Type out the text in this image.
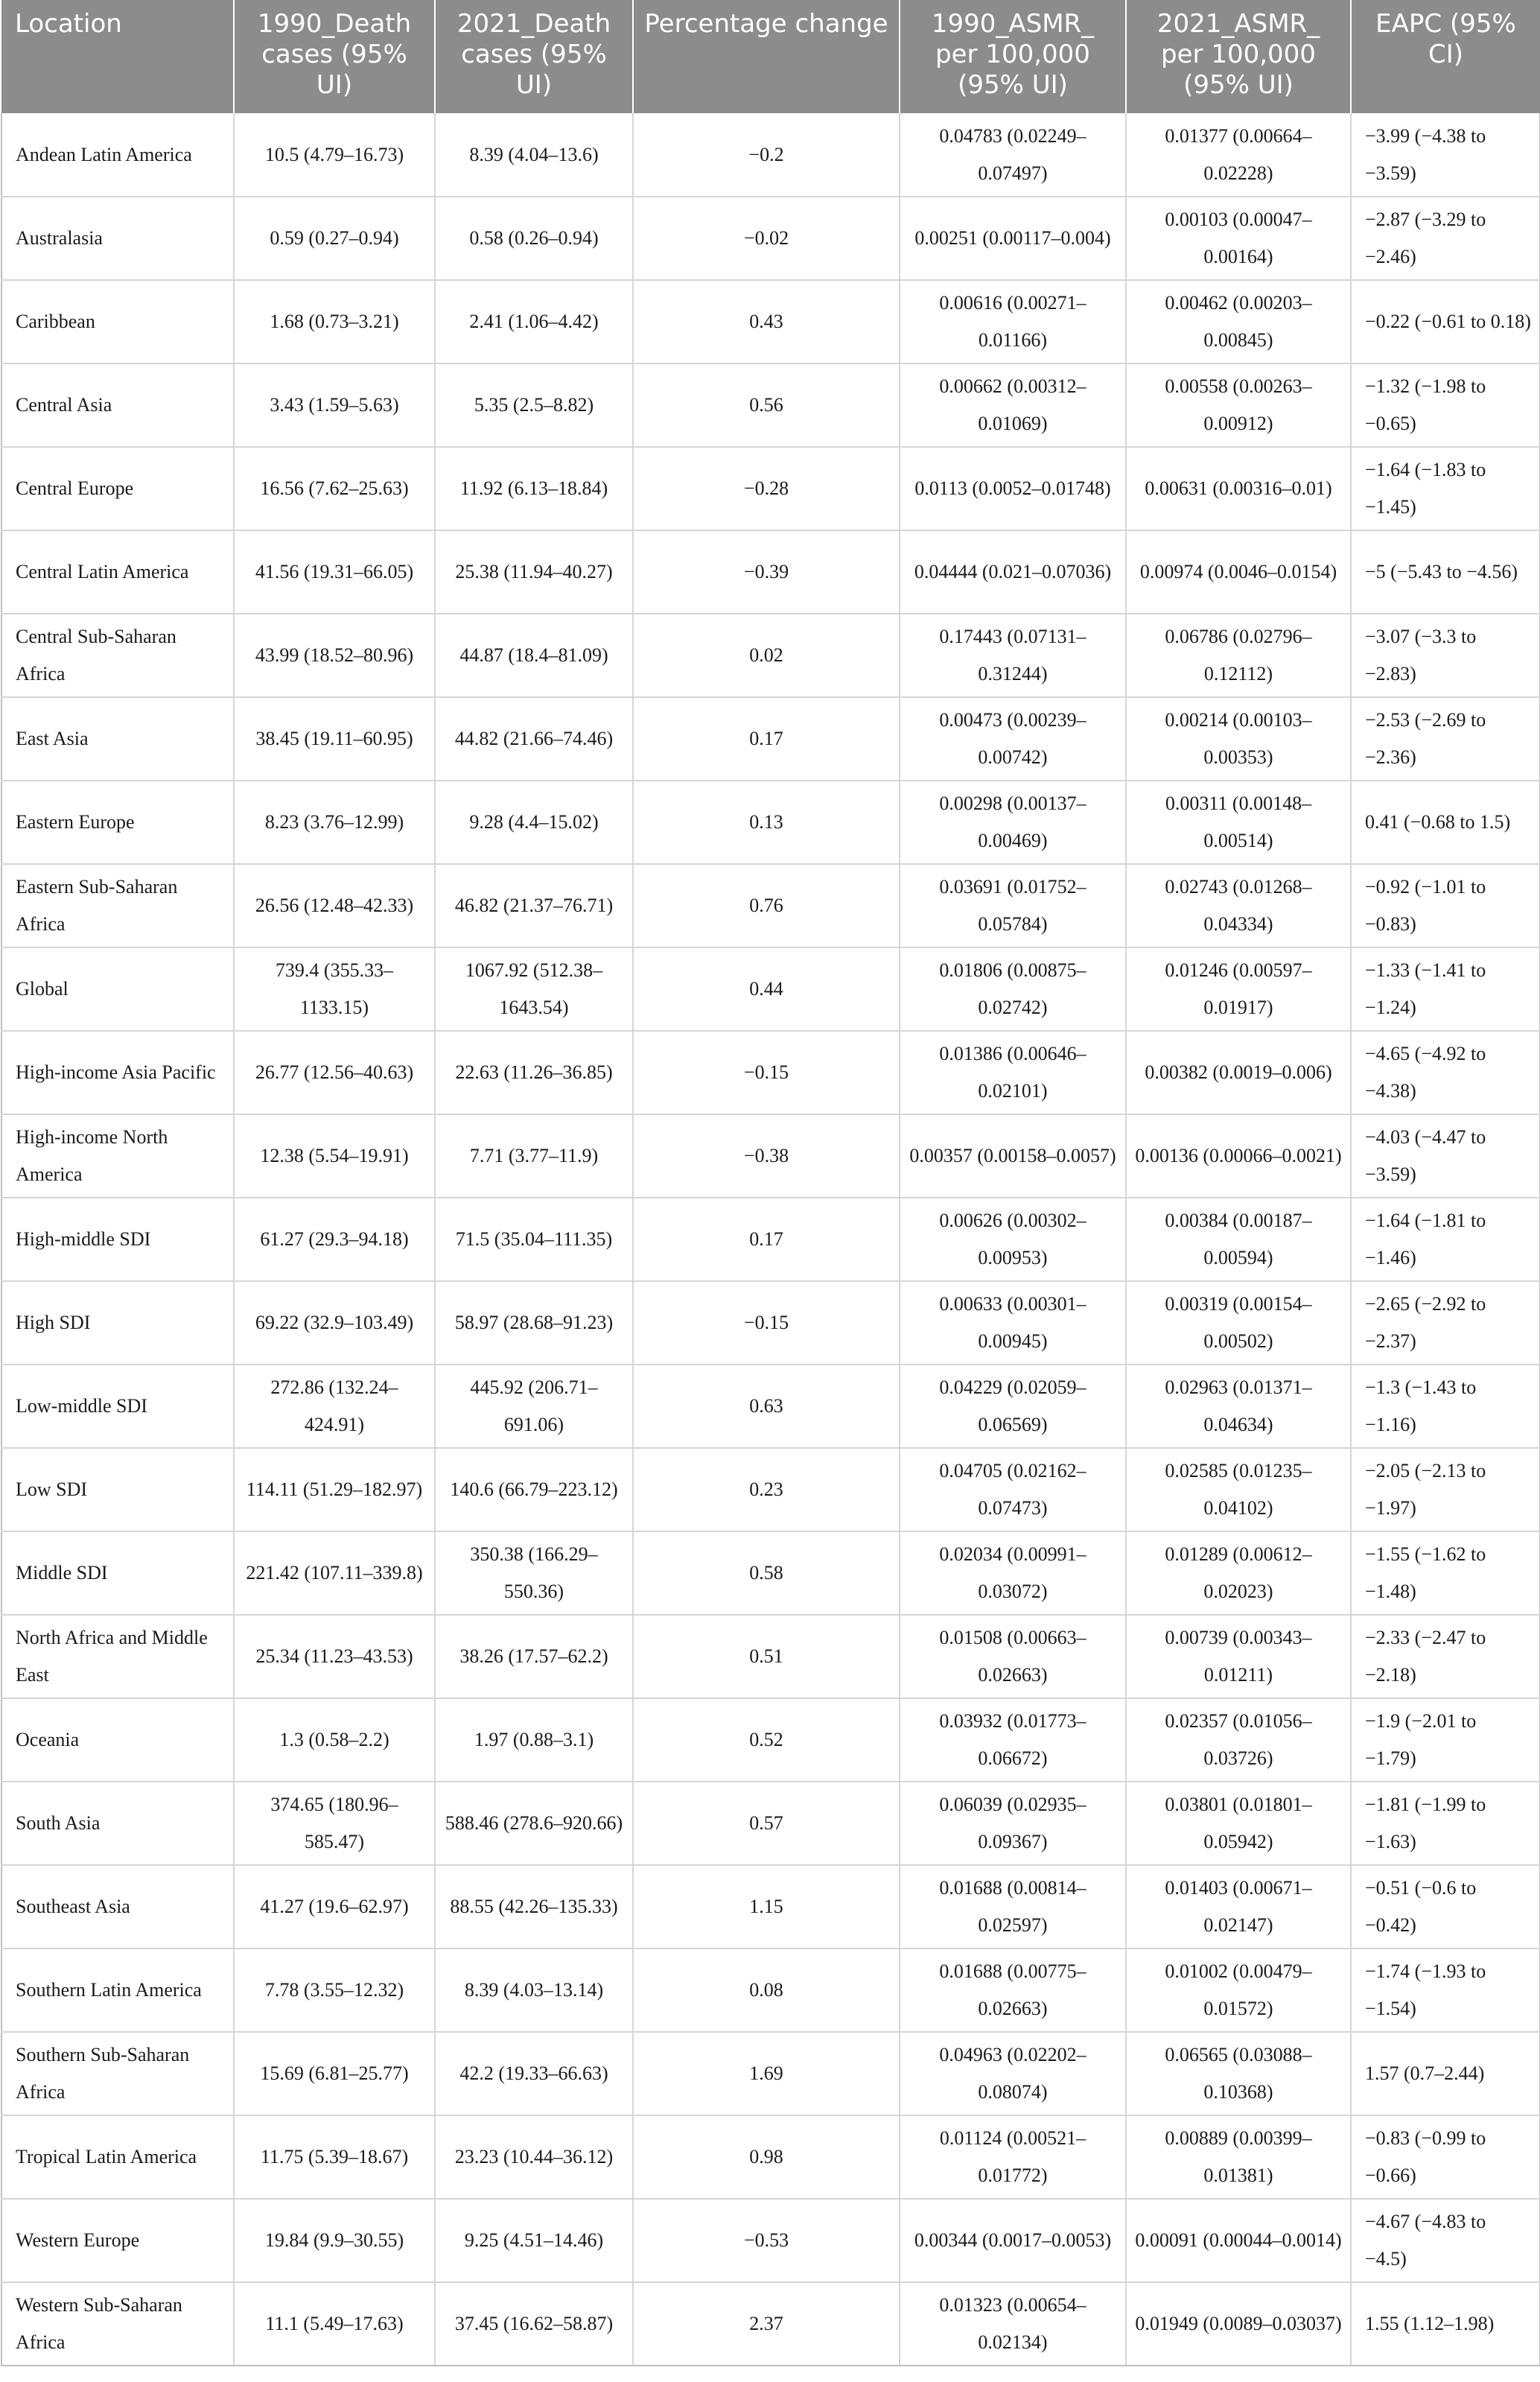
Location	1990_Death cases (95% UI)	2021_Death cases (95% UI)	Percentage change	1990_ASMR_ per 100,000 (95% UI)	2021_ASMR_ per 100,000 (95% UI)	EAPC (95% CI)
Andean Latin America	10.5 (4.79–16.73)	8.39 (4.04–13.6)	−0.2	0.04783 (0.02249–0.07497)	0.01377 (0.00664–0.02228)	−3.99 (−4.38 to −3.59)
Australasia	0.59 (0.27–0.94)	0.58 (0.26–0.94)	−0.02	0.00251 (0.00117–0.004)	0.00103 (0.00047–0.00164)	−2.87 (−3.29 to −2.46)
Caribbean	1.68 (0.73–3.21)	2.41 (1.06–4.42)	0.43	0.00616 (0.00271–0.01166)	0.00462 (0.00203–0.00845)	−0.22 (−0.61 to 0.18)
Central Asia	3.43 (1.59–5.63)	5.35 (2.5–8.82)	0.56	0.00662 (0.00312–0.01069)	0.00558 (0.00263–0.00912)	−1.32 (−1.98 to −0.65)
Central Europe	16.56 (7.62–25.63)	11.92 (6.13–18.84)	−0.28	0.0113 (0.0052–0.01748)	0.00631 (0.00316–0.01)	−1.64 (−1.83 to −1.45)
Central Latin America	41.56 (19.31–66.05)	25.38 (11.94–40.27)	−0.39	0.04444 (0.021–0.07036)	0.00974 (0.0046–0.0154)	−5 (−5.43 to −4.56)
Central Sub-Saharan Africa	43.99 (18.52–80.96)	44.87 (18.4–81.09)	0.02	0.17443 (0.07131–0.31244)	0.06786 (0.02796–0.12112)	−3.07 (−3.3 to −2.83)
East Asia	38.45 (19.11–60.95)	44.82 (21.66–74.46)	0.17	0.00473 (0.00239–0.00742)	0.00214 (0.00103–0.00353)	−2.53 (−2.69 to −2.36)
Eastern Europe	8.23 (3.76–12.99)	9.28 (4.4–15.02)	0.13	0.00298 (0.00137–0.00469)	0.00311 (0.00148–0.00514)	0.41 (−0.68 to 1.5)
Eastern Sub-Saharan Africa	26.56 (12.48–42.33)	46.82 (21.37–76.71)	0.76	0.03691 (0.01752–0.05784)	0.02743 (0.01268–0.04334)	−0.92 (−1.01 to −0.83)
Global	739.4 (355.33–1133.15)	1067.92 (512.38–1643.54)	0.44	0.01806 (0.00875–0.02742)	0.01246 (0.00597–0.01917)	−1.33 (−1.41 to −1.24)
High-income Asia Pacific	26.77 (12.56–40.63)	22.63 (11.26–36.85)	−0.15	0.01386 (0.00646–0.02101)	0.00382 (0.0019–0.006)	−4.65 (−4.92 to −4.38)
High-income North America	12.38 (5.54–19.91)	7.71 (3.77–11.9)	−0.38	0.00357 (0.00158–0.0057)	0.00136 (0.00066–0.0021)	−4.03 (−4.47 to −3.59)
High-middle SDI	61.27 (29.3–94.18)	71.5 (35.04–111.35)	0.17	0.00626 (0.00302–0.00953)	0.00384 (0.00187–0.00594)	−1.64 (−1.81 to −1.46)
High SDI	69.22 (32.9–103.49)	58.97 (28.68–91.23)	−0.15	0.00633 (0.00301–0.00945)	0.00319 (0.00154–0.00502)	−2.65 (−2.92 to −2.37)
Low-middle SDI	272.86 (132.24–424.91)	445.92 (206.71–691.06)	0.63	0.04229 (0.02059–0.06569)	0.02963 (0.01371–0.04634)	−1.3 (−1.43 to −1.16)
Low SDI	114.11 (51.29–182.97)	140.6 (66.79–223.12)	0.23	0.04705 (0.02162–0.07473)	0.02585 (0.01235–0.04102)	−2.05 (−2.13 to −1.97)
Middle SDI	221.42 (107.11–339.8)	350.38 (166.29–550.36)	0.58	0.02034 (0.00991–0.03072)	0.01289 (0.00612–0.02023)	−1.55 (−1.62 to −1.48)
North Africa and Middle East	25.34 (11.23–43.53)	38.26 (17.57–62.2)	0.51	0.01508 (0.00663–0.02663)	0.00739 (0.00343–0.01211)	−2.33 (−2.47 to −2.18)
Oceania	1.3 (0.58–2.2)	1.97 (0.88–3.1)	0.52	0.03932 (0.01773–0.06672)	0.02357 (0.01056–0.03726)	−1.9 (−2.01 to −1.79)
South Asia	374.65 (180.96–585.47)	588.46 (278.6–920.66)	0.57	0.06039 (0.02935–0.09367)	0.03801 (0.01801–0.05942)	−1.81 (−1.99 to −1.63)
Southeast Asia	41.27 (19.6–62.97)	88.55 (42.26–135.33)	1.15	0.01688 (0.00814–0.02597)	0.01403 (0.00671–0.02147)	−0.51 (−0.6 to −0.42)
Southern Latin America	7.78 (3.55–12.32)	8.39 (4.03–13.14)	0.08	0.01688 (0.00775–0.02663)	0.01002 (0.00479–0.01572)	−1.74 (−1.93 to −1.54)
Southern Sub-Saharan Africa	15.69 (6.81–25.77)	42.2 (19.33–66.63)	1.69	0.04963 (0.02202–0.08074)	0.06565 (0.03088–0.10368)	1.57 (0.7–2.44)
Tropical Latin America	11.75 (5.39–18.67)	23.23 (10.44–36.12)	0.98	0.01124 (0.00521–0.01772)	0.00889 (0.00399–0.01381)	−0.83 (−0.99 to −0.66)
Western Europe	19.84 (9.9–30.55)	9.25 (4.51–14.46)	−0.53	0.00344 (0.0017–0.0053)	0.00091 (0.00044–0.0014)	−4.67 (−4.83 to −4.5)
Western Sub-Saharan Africa	11.1 (5.49–17.63)	37.45 (16.62–58.87)	2.37	0.01323 (0.00654–0.02134)	0.01949 (0.0089–0.03037)	1.55 (1.12–1.98)
